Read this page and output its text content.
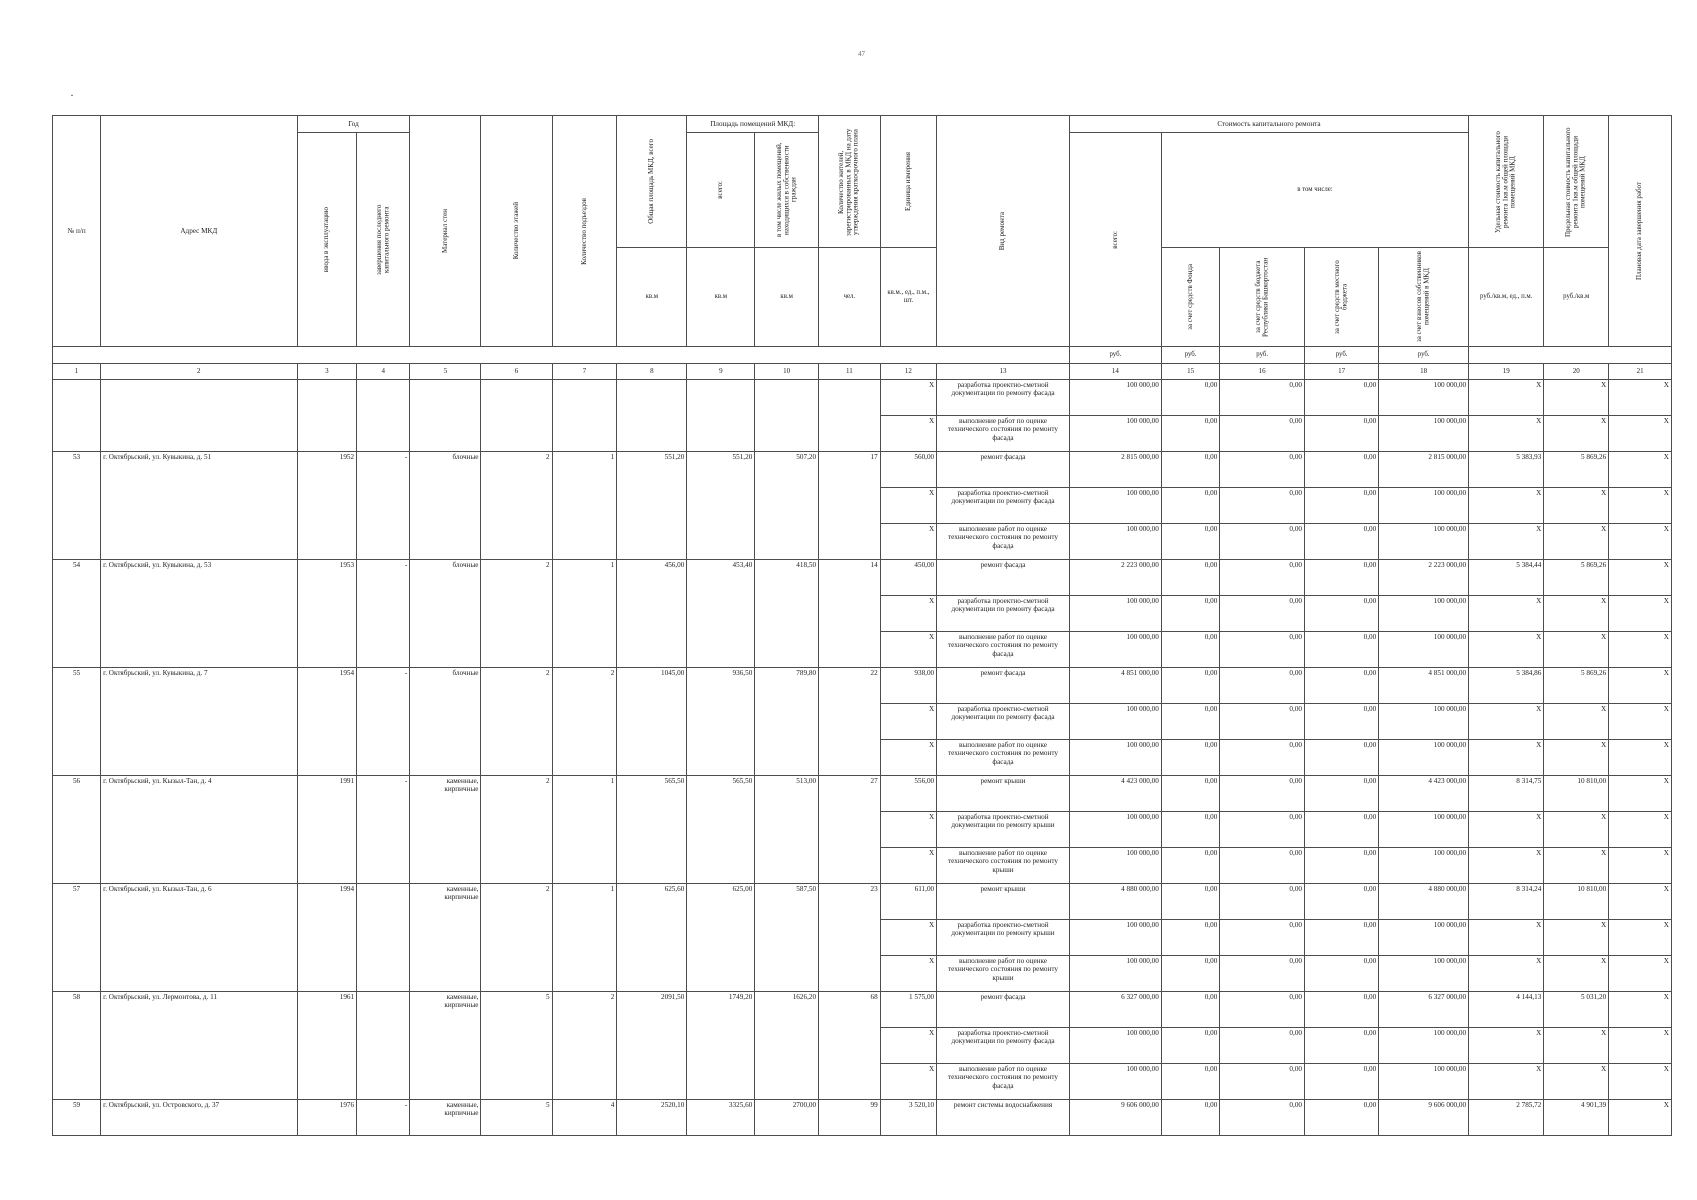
47
·
№ п/п	Адрес МКД	Год		Материал стен	Количество этажей	Количество подъездов	Общая площадь МКД, всего	Площадь помещений МКД:		Количество жителей, зарегистрированных в МКД на дату утверждения краткосрочного плана	Единица измерения	Вид ремонта	Стоимость капитального ремонта					Удельная стоимость капитального ремонта 1кв.м общей площади помещений МКД	Предельная стоимость капитального ремонта 1кв.м общей площади помещений МКД	Плановая дата завершения работ

		ввода в эксплуатацию	завершения последнего капитального ремонта					всего:	в том числе жилых помещений, находящихся в собственности граждан				всего:	в том числе:						
							кв.м	кв.м	кв.м	чел.	кв.м., ед., п.м., шт.			за счет средств Фонда	за счет средств бюджета Республики Башкортостан	за счет средств местного бюджета	за счет взносов собственников помещений в МКД	руб./кв.м, ед., п.м.	руб./кв.м	
													руб.	руб.	руб.	руб.	руб.			
1	2	3	4	5	6	7	8	9	10	11	12	13	14	15	16	17	18	19	20	21
											X	разработка проектно-сметной документации по ремонту фасада	100 000,00	0,00	0,00	0,00	100 000,00	X	X	X
											X	выполнение работ по оценке технического состояния по ремонту фасада	100 000,00	0,00	0,00	0,00	100 000,00	X	X	X
53	г. Октябрьский, ул. Кувыкина, д. 51	1952	-	блочные	2	1	551,20	551,20	507,20	17	560,00	ремонт фасада	2 815 000,00	0,00	0,00	0,00	2 815 000,00	5 383,93	5 869,26	X
											X	разработка проектно-сметной документации по ремонту фасада	100 000,00	0,00	0,00	0,00	100 000,00	X	X	X
											X	выполнение работ по оценке технического состояния по ремонту фасада	100 000,00	0,00	0,00	0,00	100 000,00	X	X	X
54	г. Октябрьский, ул. Кувыкина, д. 53	1953	-	блочные	2	1	456,00	453,40	418,50	14	450,00	ремонт фасада	2 223 000,00	0,00	0,00	0,00	2 223 000,00	5 384,44	5 869,26	X
											X	разработка проектно-сметной документации по ремонту фасада	100 000,00	0,00	0,00	0,00	100 000,00	X	X	X
											X	выполнение работ по оценке технического состояния по ремонту фасада	100 000,00	0,00	0,00	0,00	100 000,00	X	X	X
55	г. Октябрьский, ул. Кувыкина, д. 7	1954	-	блочные	2	2	1045,00	936,50	789,80	22	938,00	ремонт фасада	4 851 000,00	0,00	0,00	0,00	4 851 000,00	5 384,86	5 869,26	X
											X	разработка проектно-сметной документации по ремонту фасада	100 000,00	0,00	0,00	0,00	100 000,00	X	X	X
											X	выполнение работ по оценке технического состояния по ремонту фасада	100 000,00	0,00	0,00	0,00	100 000,00	X	X	X
56	г. Октябрьский, ул. Кызыл-Тан, д. 4	1991	-	каменные, кирпичные	2	1	565,50	565,50	513,00	27	556,00	ремонт крыши	4 423 000,00	0,00	0,00	0,00	4 423 000,00	8 314,75	10 810,00	X
											X	разработка проектно-сметной документации по ремонту крыши	100 000,00	0,00	0,00	0,00	100 000,00	X	X	X
											X	выполнение работ по оценке технического состояния по ремонту крыши	100 000,00	0,00	0,00	0,00	100 000,00	X	X	X
57	г. Октябрьский, ул. Кызыл-Тан, д. 6	1994		каменные, кирпичные	2	1	625,60	625,00	587,50	23	611,00	ремонт крыши	4 880 000,00	0,00	0,00	0,00	4 880 000,00	8 314,24	10 810,00	X
											X	разработка проектно-сметной документации по ремонту крыши	100 000,00	0,00	0,00	0,00	100 000,00	X	X	X
											X	выполнение работ по оценке технического состояния по ремонту крыши	100 000,00	0,00	0,00	0,00	100 000,00	X	X	X
58	г. Октябрьский, ул. Лермонтова, д. 11	1961		каменные, кирпичные	5	2	2091,50	1749,20	1626,20	68	1 575,00	ремонт фасада	6 327 000,00	0,00	0,00	0,00	6 327 000,00	4 144,13	5 031,20	X
											X	разработка проектно-сметной документации по ремонту фасада	100 000,00	0,00	0,00	0,00	100 000,00	X	X	X
											X	выполнение работ по оценке технического состояния по ремонту фасада	100 000,00	0,00	0,00	0,00	100 000,00	X	X	X
59	г. Октябрьский, ул. Островского, д. 37	1976	-	каменные, кирпичные	5	4	2520,10	3325,60	2700,00	99	3 520,10	ремонт системы водоснабжения	9 606 000,00	0,00	0,00	0,00	9 606 000,00	2 785,72	4 901,39	X
